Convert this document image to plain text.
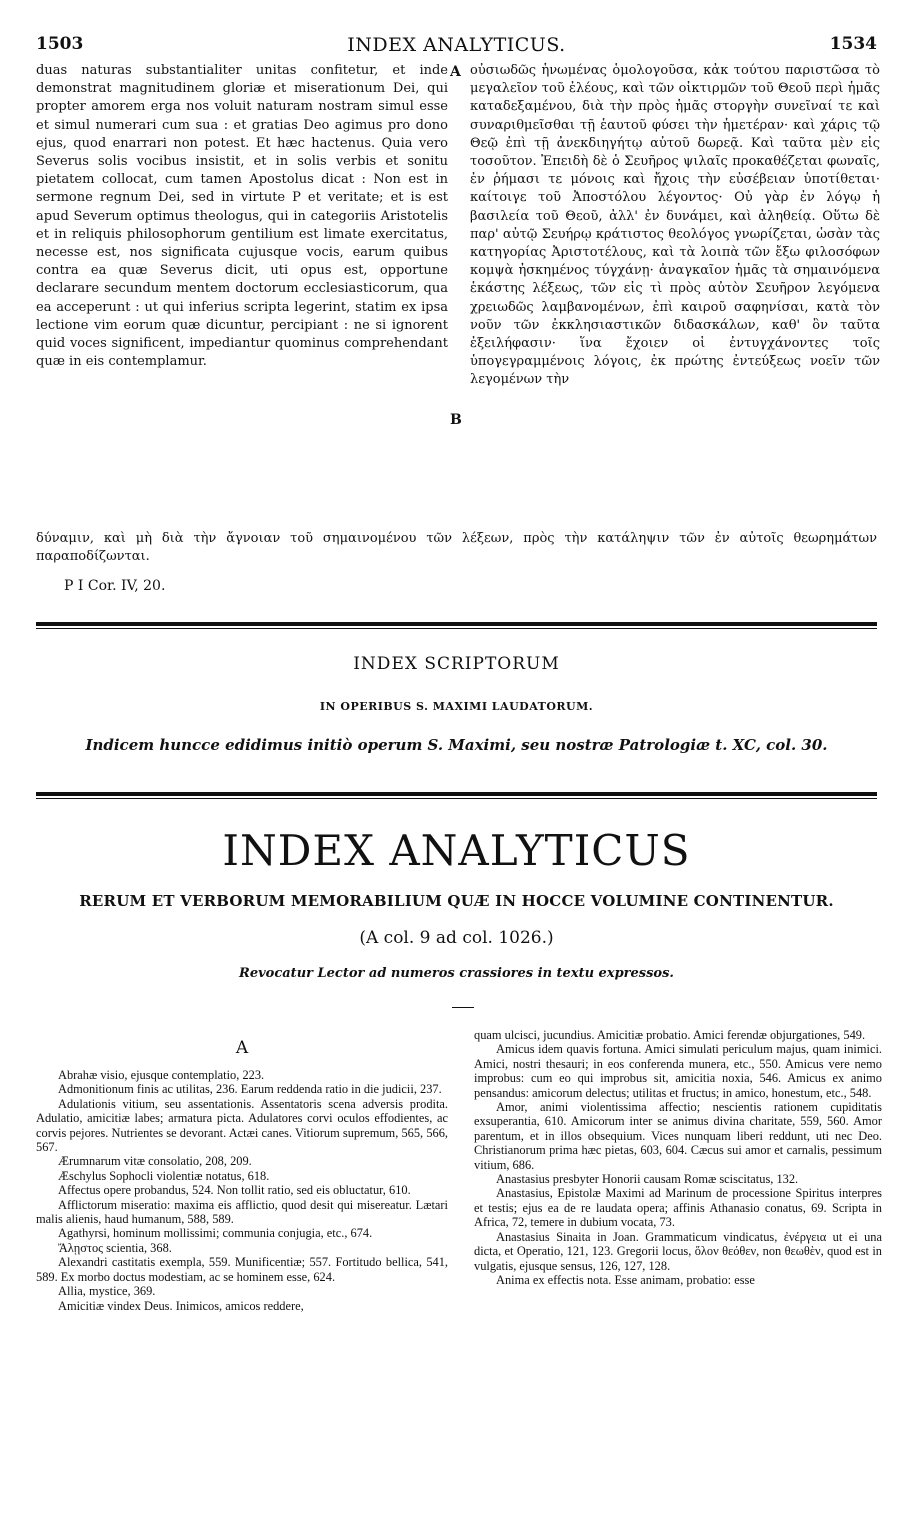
1503	INDEX ANALYTICUS.	1534

duas naturas substantialiter unitas confitetur, et inde demonstrat magnitudinem gloriæ et miserationum Dei, qui propter amorem erga nos voluit naturam nostram simul esse et simul numerari cum sua : et gratias Deo agimus pro dono ejus, quod enarrari non potest. Et hæc hactenus. Quia vero Severus solis vocibus insistit, et in solis verbis et sonitu pietatem collocat, cum tamen Apostolus dicat : Non est in sermone regnum Dei, sed in virtute P et veritate; et is est apud Severum optimus theologus, qui in categoriis Aristotelis et in reliquis philosophorum gentilium est limate exercitatus, necesse est, nos significata cujusque vocis, earum quibus contra ea quæ Severus dicit, uti opus est, opportune declarare secundum mentem doctorum ecclesiasticorum, qua ea acceperunt : ut qui inferius scripta legerint, statim ex ipsa lectione vim eorum quæ dicuntur, percipiant : ne si ignorent quid voces significent, impediantur quominus comprehendant quæ in eis contemplamur.

A
B

οὐσιωδῶς ἡνωμένας ὁμολογοῦσα, κἀκ τούτου παριστῶσα τὸ μεγαλεῖον τοῦ ἐλέους, καὶ τῶν οἰκτιρμῶν τοῦ Θεοῦ περὶ ἡμᾶς καταδεξαμένου, διὰ τὴν πρὸς ἡμᾶς στοργὴν συνεῖναί τε καὶ συναριθμεῖσθαι τῇ ἑαυτοῦ φύσει τὴν ἡμετέραν· καὶ χάρις τῷ Θεῷ ἐπὶ τῇ ἀνεκδιηγήτῳ αὐτοῦ δωρεᾷ. Καὶ ταῦτα μὲν εἰς τοσοῦτον. Ἐπειδὴ δὲ ὁ Σευῆρος ψιλαῖς προκαθέζεται φωναῖς, ἐν ῥήμασι τε μόνοις καὶ ἤχοις τὴν εὐσέβειαν ὑποτίθεται· καίτοιγε τοῦ Ἀποστόλου λέγοντος· Οὐ γὰρ ἐν λόγῳ ἡ βασιλεία τοῦ Θεοῦ, ἀλλ' ἐν δυνάμει, καὶ ἀληθείᾳ. Οὕτω δὲ παρ' αὐτῷ Σευήρῳ κράτιστος θεολόγος γνωρίζεται, ὡσὰν τὰς κατηγορίας Ἀριστοτέλους, καὶ τὰ λοιπὰ τῶν ἔξω φιλοσόφων κομψὰ ἠσκημένος τύγχάνῃ· ἀναγκαῖον ἡμᾶς τὰ σημαινόμενα ἑκάστης λέξεως, τῶν εἰς τὶ πρὸς αὐτὸν Σευῆρον λεγόμενα χρειωδῶς λαμβανομένων, ἐπὶ καιροῦ σαφηνίσαι, κατὰ τὸν νοῦν τῶν ἐκκλησιαστικῶν διδασκάλων, καθ' ὃν ταῦτα ἐξειλήφασιν· ἵνα ἔχοιεν οἱ ἐντυγχάνοντες τοῖς ὑπογεγραμμένοις λόγοις, ἐκ πρώτης ἐντεύξεως νοεῖν τῶν λεγομένων τὴν

δύναμιν, καὶ μὴ διὰ τὴν ἄγνοιαν τοῦ σημαινομένου τῶν λέξεων, πρὸς τὴν κατάληψιν τῶν ἐν αὐτοῖς θεωρημάτων παραποδίζωνται.
P I Cor. IV, 20.
INDEX SCRIPTORUM
IN OPERIBUS S. MAXIMI LAUDATORUM.
Indicem huncce edidimus initiò operum S. Maximi, seu nostræ Patrologiæ t. XC, col. 30.
INDEX ANALYTICUS
RERUM ET VERBORUM MEMORABILIUM QUÆ IN HOCCE VOLUMINE CONTINENTUR.
(A col. 9 ad col. 1026.)
Revocatur Lector ad numeros crassiores in textu expressos.
A

Abrahæ visio, ejusque contemplatio, 223.

Admonitionum finis ac utilitas, 236. Earum reddenda ratio in die judicii, 237.

Adulationis vitium, seu assentationis. Assentatoris scena adversis prodita. Adulatio, amicitiæ labes; armatura picta. Adulatores corvi oculos effodientes, ac corvis pejores. Nutrientes se devorant. Actæi canes. Vitiorum supremum, 565, 566, 567.

Ærumnarum vitæ consolatio, 208, 209.

Æschylus Sophocli violentiæ notatus, 618.

Affectus opere probandus, 524. Non tollit ratio, sed eis obluctatur, 610.

Afflictorum miseratio: maxima eis afflictio, quod desit qui misereatur. Lætari malis alienis, haud humanum, 588, 589.

Agathyrsi, hominum mollissimi; communia conjugia, etc., 674.

Ἄλῃστος scientia, 368.

Alexandri castitatis exempla, 559. Munificentiæ; 557. Fortitudo bellica, 541, 589. Ex morbo doctus modestiam, ac se hominem esse, 624.

Allia, mystice, 369.

Amicitiæ vindex Deus. Inimicos, amicos reddere,

quam ulcisci, jucundius. Amicitiæ probatio. Amici ferendæ objurgationes, 549.

Amicus idem quavis fortuna. Amici simulati periculum majus, quam inimici. Amici, nostri thesauri; in eos conferenda munera, etc., 550. Amicus vere nemo improbus: cum eo qui improbus sit, amicitia noxia, 546. Amicus ex animo pensandus: amicorum delectus; utilitas et fructus; in amico, honestum, etc., 548.

Amor, animi violentissima affectio; nescientis rationem cupiditatis exsuperantia, 610. Amicorum inter se animus divina charitate, 559, 560. Amor parentum, et in illos obsequium. Vices nunquam liberi reddunt, uti nec Deo. Christianorum prima hæc pietas, 603, 604. Cæcus sui amor et carnalis, pessimum vitium, 686.

Anastasius presbyter Honorii causam Romæ sciscitatus, 132.

Anastasius, Epistolæ Maximi ad Marinum de processione Spiritus interpres et testis; ejus ea de re laudata opera; affinis Athanasio conatus, 69. Scripta in Africa, 72, temere in dubium vocata, 73.

Anastasius Sinaita in Joan. Grammaticum vindicatus, ἐνέργεια ut ei una dicta, et Operatio, 121, 123. Gregorii locus, ὅλον θεόθεν, non θεωθὲν, quod est in vulgatis, ejusque sensus, 126, 127, 128.

Anima ex effectis nota. Esse animam, probatio: esse
